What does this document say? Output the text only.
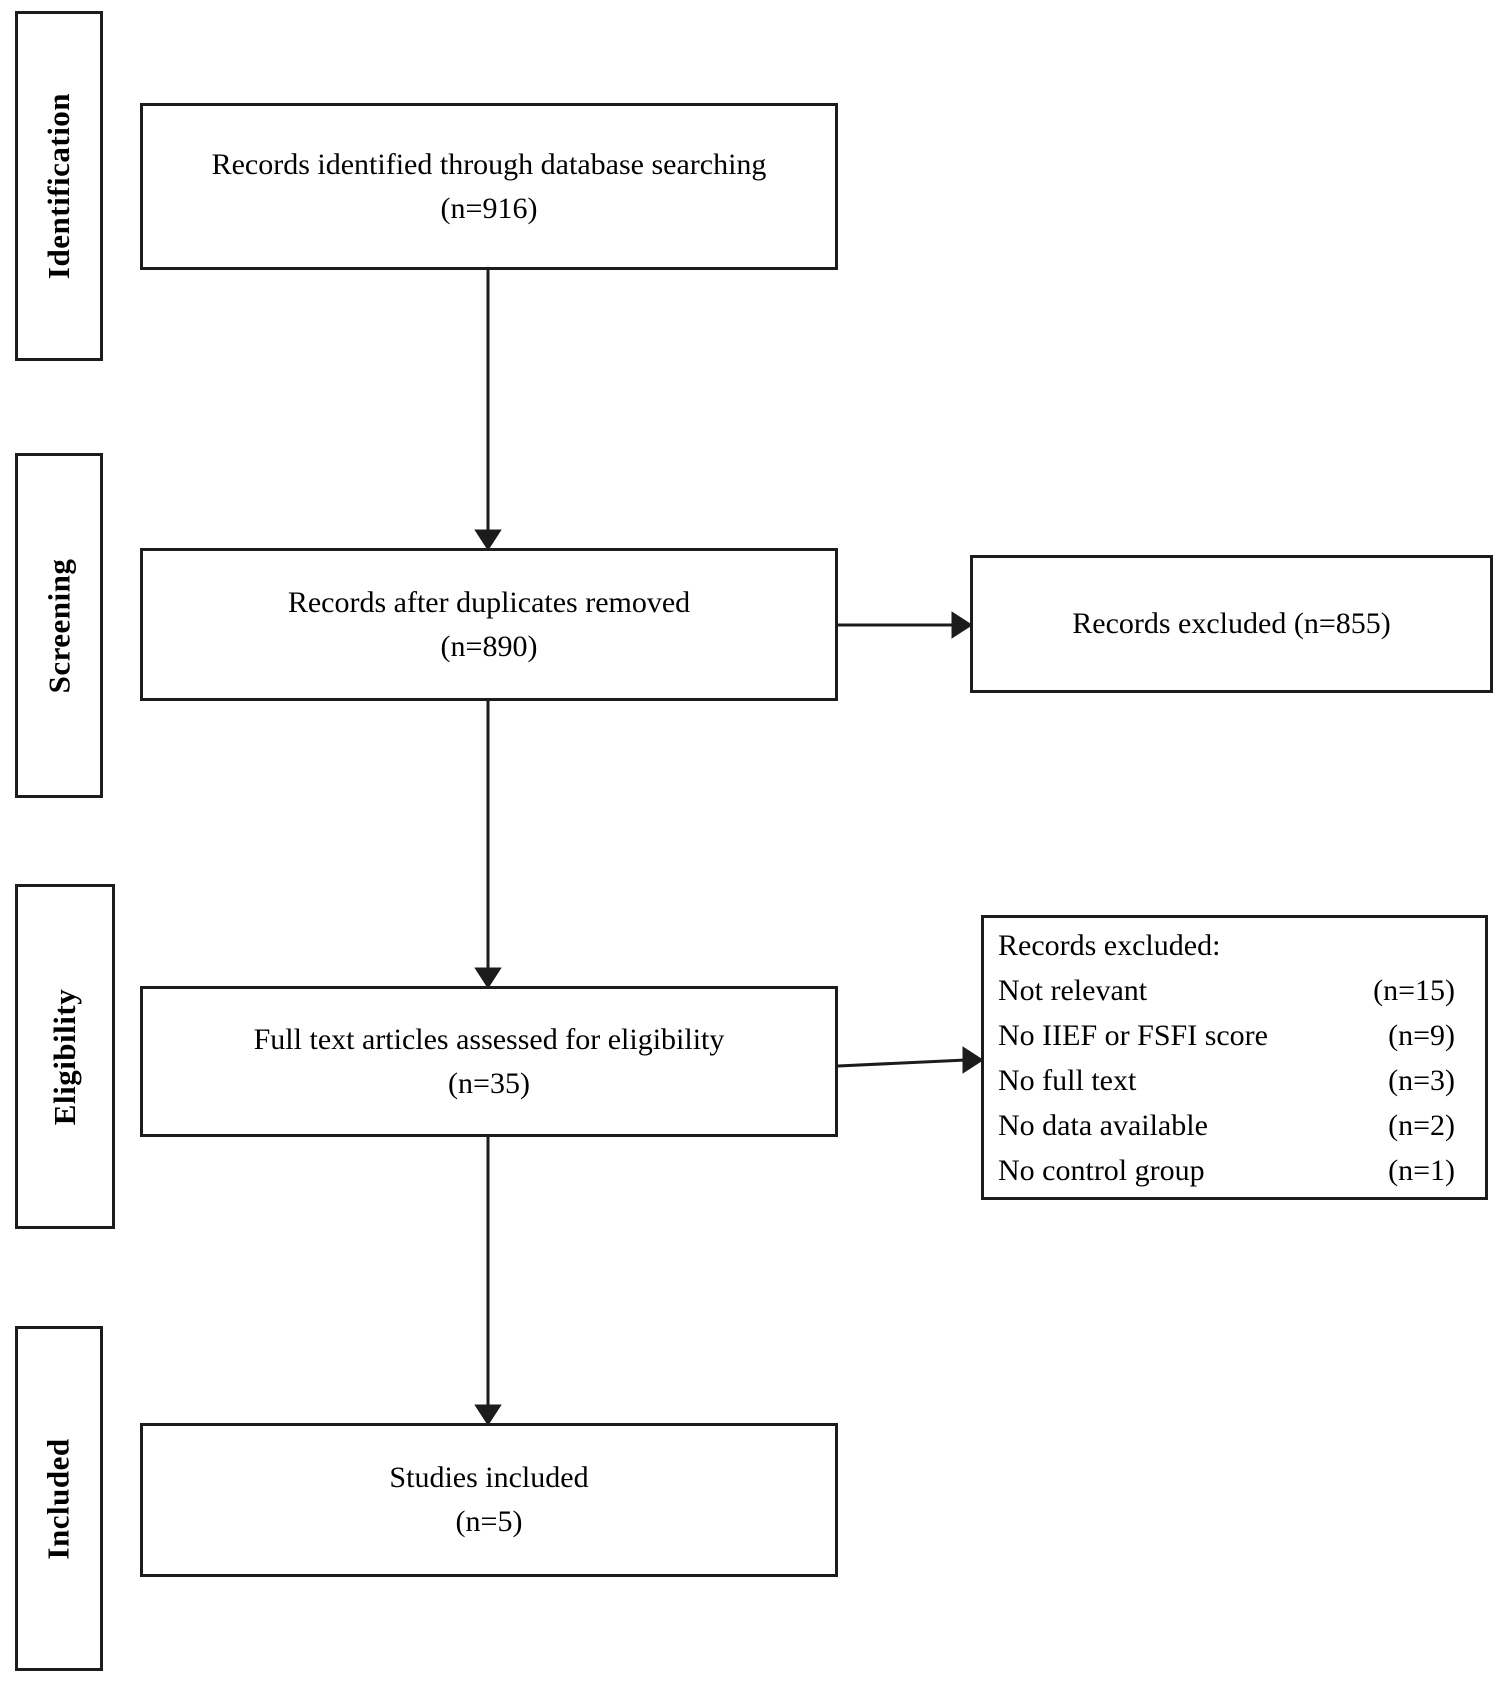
Identification
Screening
Eligibility
Included
Records identified through database searching
(n=916)
Records after duplicates removed
(n=890)
Full text articles assessed for eligibility
(n=35)
Studies included
(n=5)
Records excluded (n=855)
Records excluded:
Not relevant	(n=15)
No IIEF or FSFI score	(n=9)
No full text	(n=3)
No data available	(n=2)
No control group	(n=1)
